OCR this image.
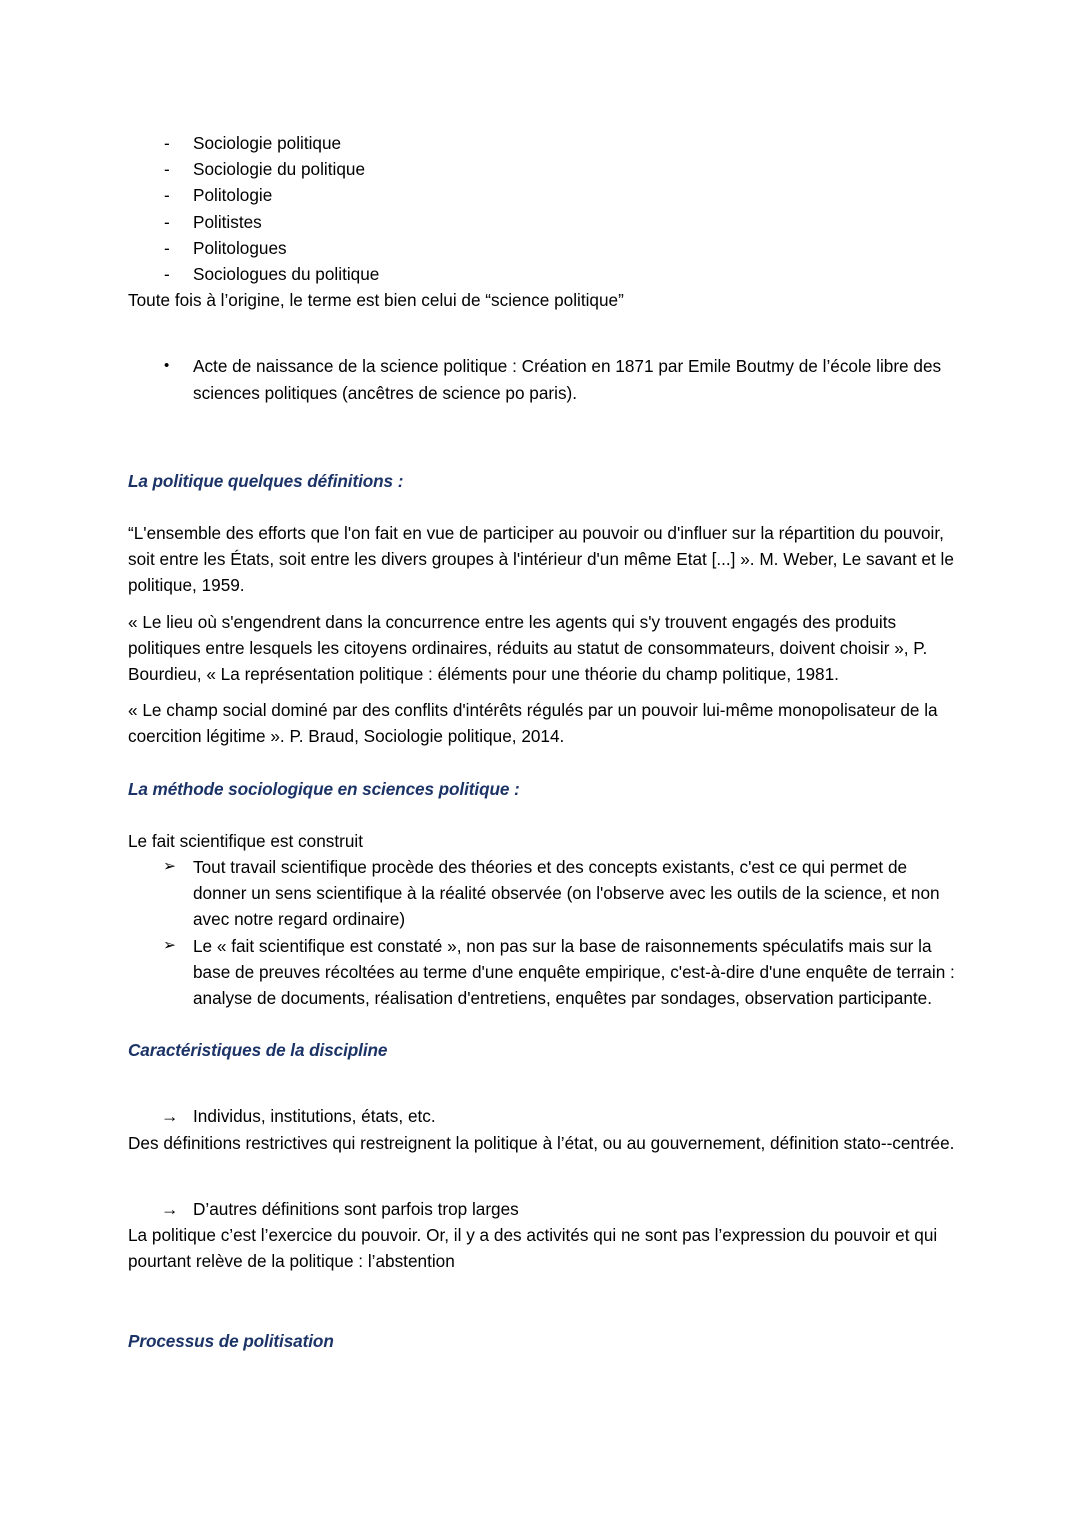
-	Sociologie politique
-	Sociologie du politique
-	Politologie
-	Politistes
-	Politologues
-	Sociologues du politique

Toute fois à l’origine, le terme est bien celui de “science politique”

•	Acte de naissance de la science politique : Création en 1871 par Emile Boutmy de l’école libre des sciences politiques (ancêtres de science po paris).
La politique quelques définitions :

“L'ensemble des efforts que l'on fait en vue de participer au pouvoir ou d'influer sur la répartition du pouvoir, soit entre les États, soit entre les divers groupes à l'intérieur d'un même Etat [...] ». M. Weber, Le savant et le politique, 1959.

« Le lieu où s'engendrent dans la concurrence entre les agents qui s'y trouvent engagés des produits politiques entre lesquels les citoyens ordinaires, réduits au statut de consommateurs, doivent choisir », P. Bourdieu, « La représentation politique : éléments pour une théorie du champ politique, 1981.

« Le champ social dominé par des conflits d'intérêts régulés par un pouvoir lui-même monopolisateur de la coercition légitime ». P. Braud, Sociologie politique, 2014.

La méthode sociologique en sciences politique :

Le fait scientifique est construit

➢ Tout travail scientifique procède des théories et des concepts existants, c'est ce qui permet de donner un sens scientifique à la réalité observée (on l'observe avec les outils de la science, et non avec notre regard ordinaire)
➢ Le « fait scientifique est constaté », non pas sur la base de raisonnements spéculatifs mais sur la base de preuves récoltées au terme d'une enquête empirique, c'est-à-dire d'une enquête de terrain : analyse de documents, réalisation d'entretiens, enquêtes par sondages, observation participante.
Caractéristiques de la discipline
→ Individus, institutions, états, etc.

Des définitions restrictives qui restreignent la politique à l’état, ou au gouvernement, définition stato--centrée.

→ D’autres définitions sont parfois trop larges

La politique c’est l’exercice du pouvoir. Or, il y a des activités qui ne sont pas l’expression du pouvoir et qui pourtant relève de la politique : l’abstention

Processus de politisation
